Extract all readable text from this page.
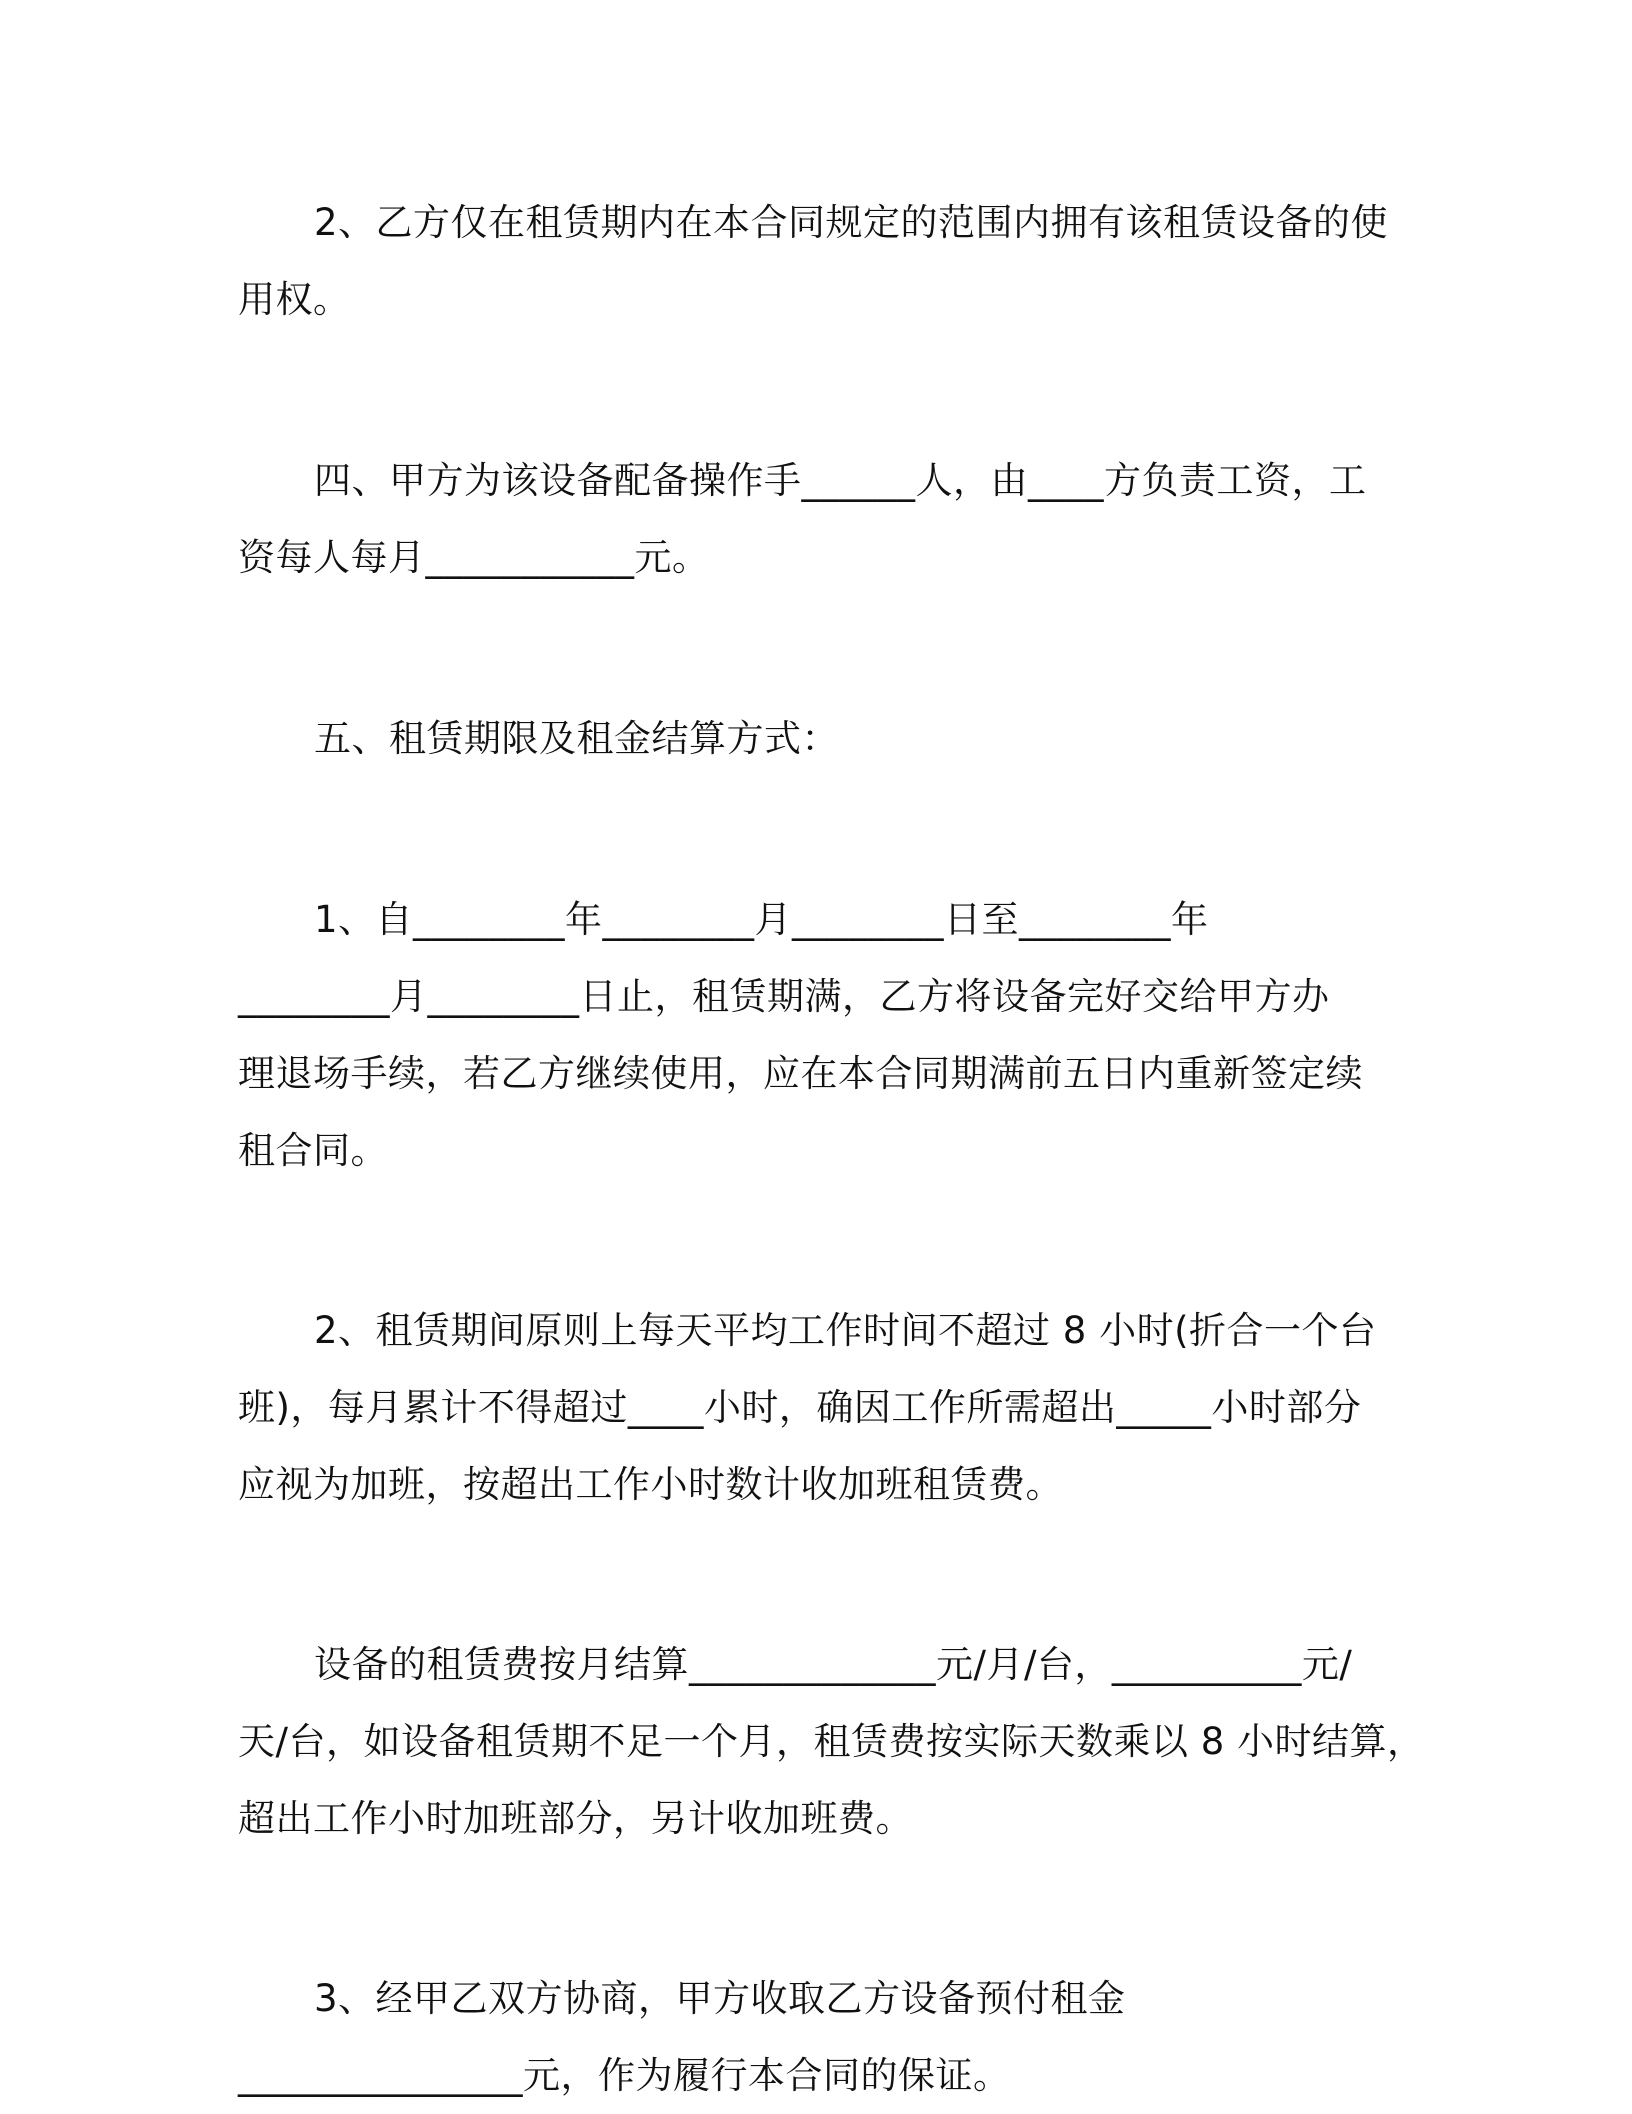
2、乙方仅在租赁期内在本合同规定的范围内拥有该租赁设备的使
用权。

四、甲方为该设备配备操作手______人，由____方负责工资，工
资每人每月___________元。

五、租赁期限及租金结算方式：

1、自________年________月________日至________年
________月________日止，租赁期满，乙方将设备完好交给甲方办
理退场手续，若乙方继续使用，应在本合同期满前五日内重新签定续
租合同。

2、租赁期间原则上每天平均工作时间不超过 8 小时(折合一个台
班)，每月累计不得超过____小时，确因工作所需超出_____小时部分
应视为加班，按超出工作小时数计收加班租赁费。

设备的租赁费按月结算_____________元/月/台，__________元/
天/台，如设备租赁期不足一个月，租赁费按实际天数乘以 8 小时结算，
超出工作小时加班部分，另计收加班费。

3、经甲乙双方协商，甲方收取乙方设备预付租金
_______________元，作为履行本合同的保证。
